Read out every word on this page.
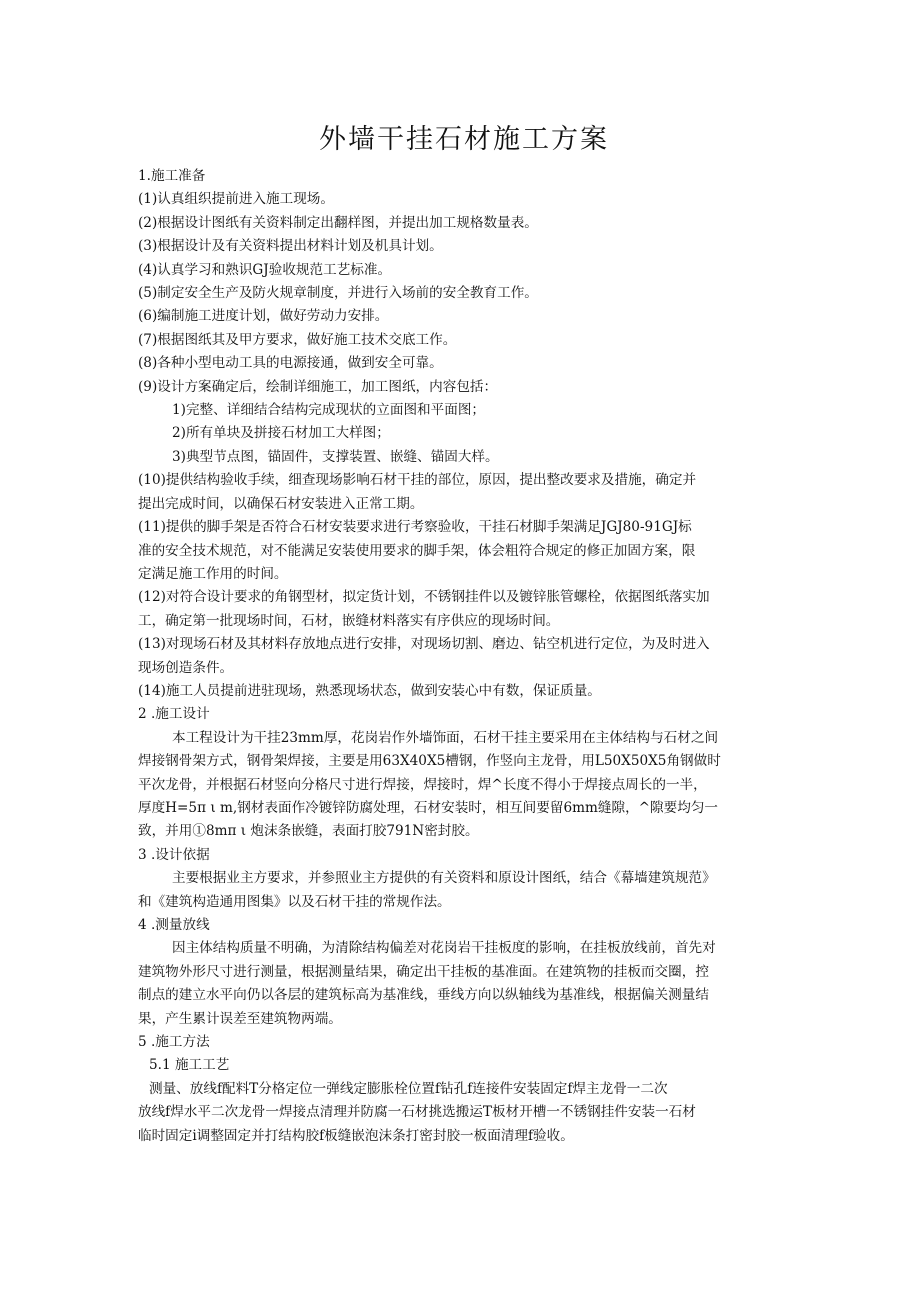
外墙干挂石材施工方案

1.施工准备

(1)认真组织提前进入施工现场。

(2)根据设计图纸有关资料制定出翻样图，并提出加工规格数量表。

(3)根据设计及有关资料提出材料计划及机具计划。

(4)认真学习和熟识GJ验收规范工艺标准。

(5)制定安全生产及防火规章制度，并进行入场前的安全教育工作。

(6)编制施工进度计划，做好劳动力安排。

(7)根据图纸其及甲方要求，做好施工技术交底工作。

(8)各种小型电动工具的电源接通，做到安全可靠。

(9)设计方案确定后，绘制详细施工，加工图纸，内容包括：

1)完整、详细结合结构完成现状的立面图和平面图；

2)所有单块及拼接石材加工大样图；

3)典型节点图，锚固件，支撑装置、嵌缝、锚固大样。

(10)提供结构验收手续，细查现场影响石材干挂的部位，原因，提出整改要求及措施，确定并

提出完成时间，以确保石材安装进入正常工期。

(11)提供的脚手架是否符合石材安装要求进行考察验收，干挂石材脚手架满足JGJ80-91GJ标

准的安全技术规范，对不能满足安装使用要求的脚手架，体会粗符合规定的修正加固方案，限

定满足施工作用的时间。

(12)对符合设计要求的角钢型材，拟定货计划，不锈钢挂件以及镀锌胀管螺栓，依据图纸落实加

工，确定第一批现场时间，石材，嵌缝材料落实有序供应的现场时间。

(13)对现场石材及其材料存放地点进行安排，对现场切割、磨边、钻空机进行定位，为及时进入

现场创造条件。

(14)施工人员提前进驻现场，熟悉现场状态，做到安装心中有数，保证质量。

2 .施工设计

本工程设计为干挂23mm厚，花岗岩作外墙饰面，石材干挂主要采用在主体结构与石材之间

焊接钢骨架方式，钢骨架焊接，主要是用63X40X5槽钢，作竖向主龙骨，用L50X50X5角钢做时

平次龙骨，并根据石材竖向分格尺寸进行焊接，焊接时，焊^长度不得小于焊接点周长的一半，

厚度H=5π ι m,钢材表面作冷镀锌防腐处理，石材安装时，相互间要留6mm缝隙，^隙要均匀一

致，并用①8mπ ι 炮沫条嵌缝，表面打胶791N密封胶。

3 .设计依据

主要根据业主方要求，并参照业主方提供的有关资料和原设计图纸，结合《幕墙建筑规范》

和《建筑构造通用图集》以及石材干挂的常规作法。

4 .测量放线

因主体结构质量不明确，为清除结构偏差对花岗岩干挂板度的影响，在挂板放线前，首先对

建筑物外形尺寸进行测量，根据测量结果，确定出干挂板的基准面。在建筑物的挂板而交圈，控

制点的建立水平向仍以各层的建筑标高为基准线，垂线方向以纵轴线为基准线，根据偏关测量结

果，产生累计误差至建筑物两端。

5 .施工方法

5.1 施工工艺

测量、放线f配料T分格定位一弹线定膨胀栓位置f钻孔f连接件安装固定f焊主龙骨一二次

放线f焊水平二次龙骨一焊接点清理并防腐一石材挑选搬运T板材开槽一不锈钢挂件安装一石材

临时固定ⅰ调整固定并打结构胶f板缝嵌泡沫条打密封胶一板面清理f验收。
